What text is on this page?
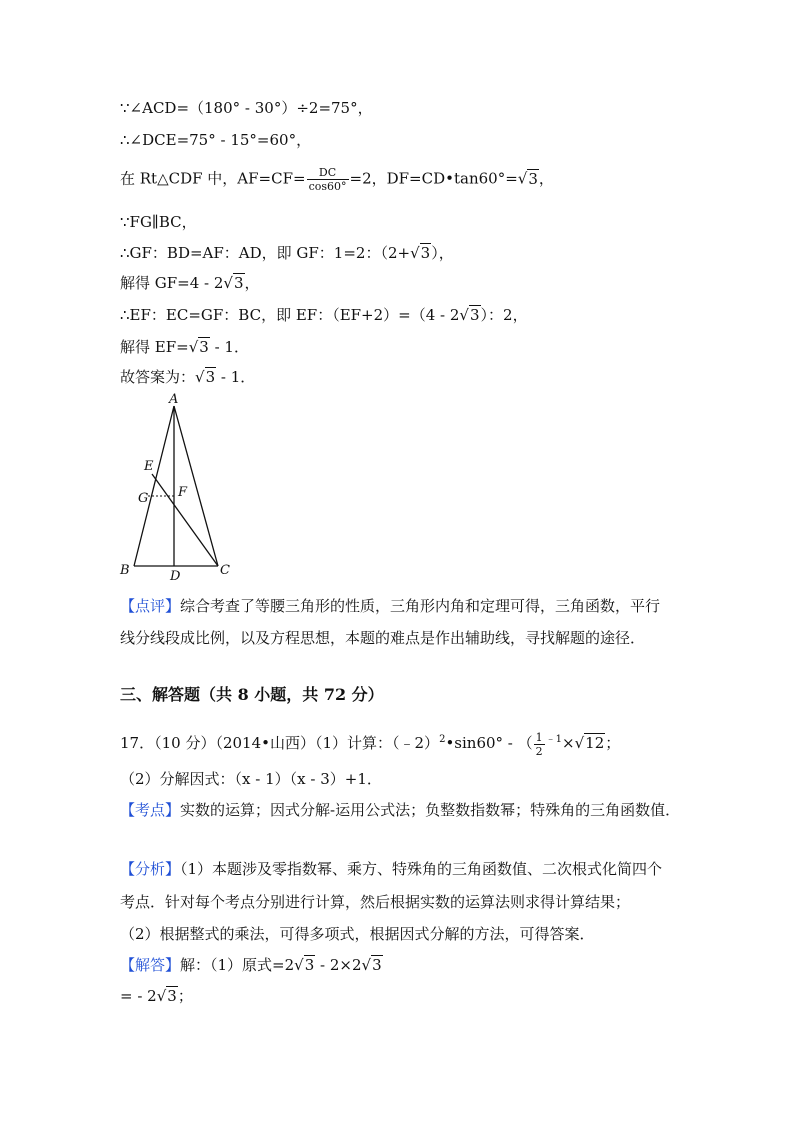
∵∠ACD=（180° - 30°）÷2=75°，
∴∠DCE=75° - 15°=60°，
在 Rt△CDF 中，$AF=CF= \frac{DC}{\cos 60^\circ} =2$，DF=CD•tan60°=√3，
∵FG∥BC，
∴GF：BD=AF：AD，即 GF：1=2：（2+√3），
解得 GF=4 - 2√3，
∴EF：EC=GF：BC，即 EF：（EF+2）=（4 - 2√3）：2，
解得 EF=√3 - 1．
故答案为：√3 - 1．
A
E
G F
B	D	C
【点评】综合考查了等腰三角形的性质，三角形内角和定理可得，三角函数，平行
线分线段成比例，以及方程思想，本题的难点是作出辅助线，寻找解题的途径．
三、解答题（共 8 小题，共 72 分）
17．（10 分）（2014•山西）（1）计算：（﹣2）$^2$•sin60° - （ $\frac{1}{2} ^{﹣1}\times√12$；
（2）分解因式：（x - 1）（x - 3）+1．
【考点】实数的运算；因式分解-运用公式法；负整数指数幂；特殊角的三角函数值．
【分析】（1）本题涉及零指数幂、乘方、特殊角的三角函数值、二次根式化简四个
考点．针对每个考点分别进行计算，然后根据实数的运算法则求得计算结果；
（2）根据整式的乘法，可得多项式，根据因式分解的方法，可得答案．
【解答】解：（1）原式=2√3 - 2×2√3
= - 2√3；
